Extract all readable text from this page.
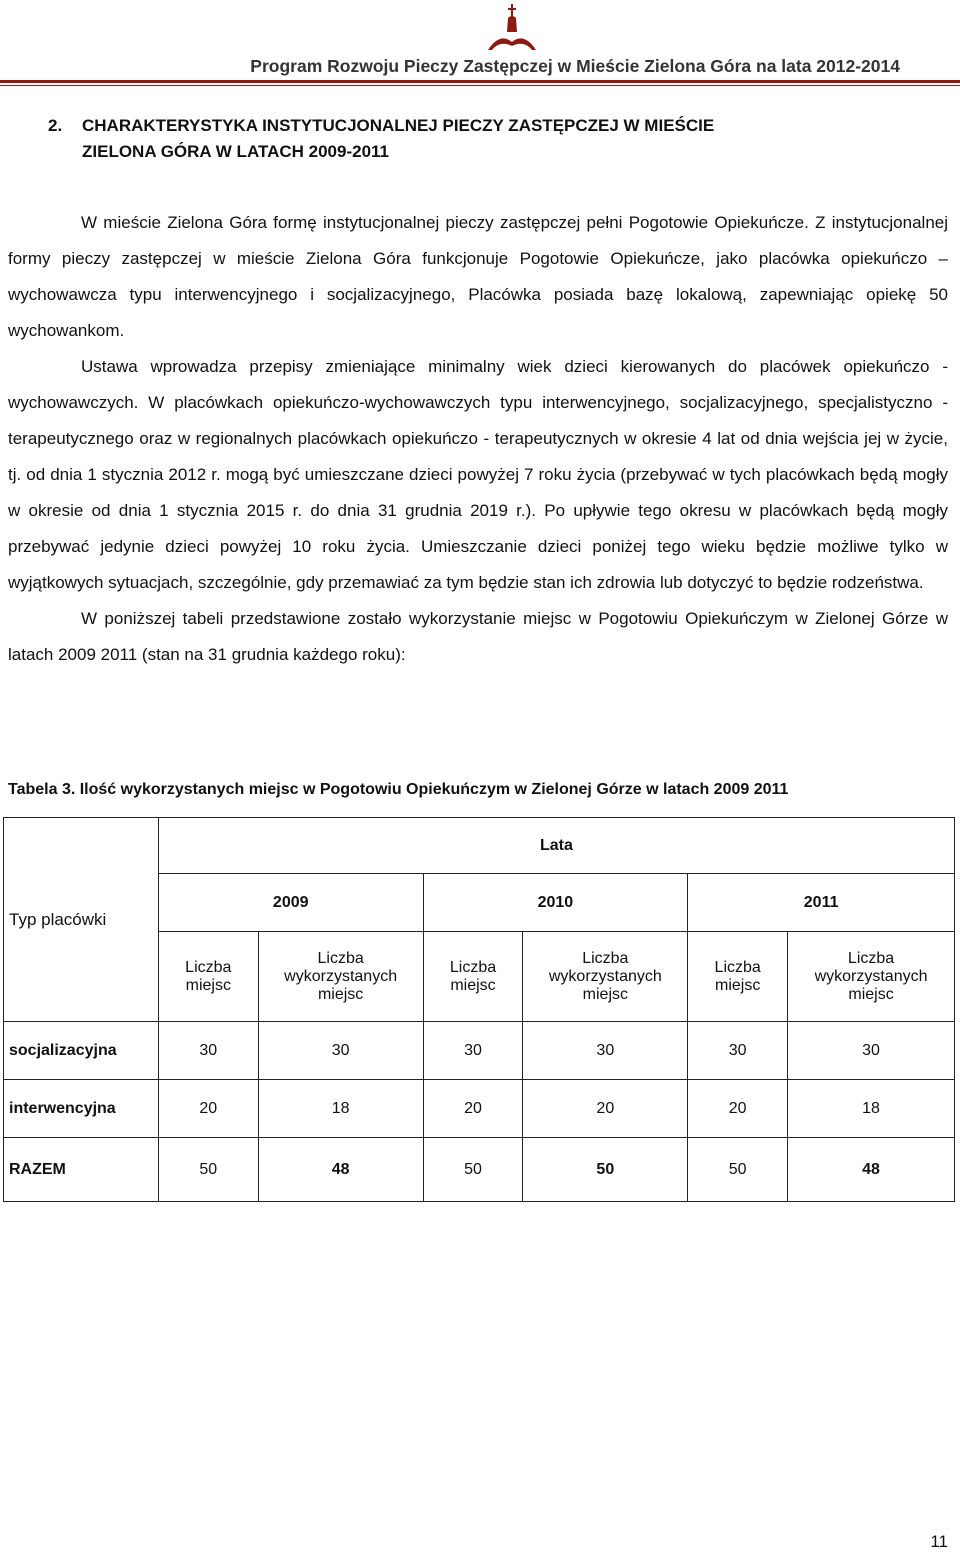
Program Rozwoju Pieczy Zastępczej w Mieście Zielona Góra na lata 2012-2014
2. CHARAKTERYSTYKA INSTYTUCJONALNEJ PIECZY ZASTĘPCZEJ W MIEŚCIE
ZIELONA GÓRA W LATACH 2009-2011

W mieście Zielona Góra formę instytucjonalnej pieczy zastępczej pełni Pogotowie Opiekuńcze. Z instytucjonalnej formy pieczy zastępczej w mieście Zielona Góra funkcjonuje Pogotowie Opiekuńcze, jako placówka opiekuńczo – wychowawcza typu interwencyjnego i socjalizacyjnego, Placówka posiada bazę lokalową, zapewniając opiekę 50 wychowankom.

Ustawa wprowadza przepisy zmieniające minimalny wiek dzieci kierowanych do placówek opiekuńczo - wychowawczych. W placówkach opiekuńczo-wychowawczych typu interwencyjnego, socjalizacyjnego, specjalistyczno - terapeutycznego oraz w regionalnych placówkach opiekuńczo - terapeutycznych w okresie 4 lat od dnia wejścia jej w życie, tj. od dnia 1 stycznia 2012 r. mogą być umieszczane dzieci powyżej 7 roku życia (przebywać w tych placówkach będą mogły w okresie od dnia 1 stycznia 2015 r. do dnia 31 grudnia 2019 r.). Po upływie tego okresu w placówkach będą mogły przebywać jedynie dzieci powyżej 10 roku życia. Umieszczanie dzieci poniżej tego wieku będzie możliwe tylko w wyjątkowych sytuacjach, szczególnie, gdy przemawiać za tym będzie stan ich zdrowia lub dotyczyć to będzie rodzeństwa.

W poniższej tabeli przedstawione zostało wykorzystanie miejsc w Pogotowiu Opiekuńczym w Zielonej Górze w latach 2009 2011 (stan na 31 grudnia każdego roku):

Tabela 3. Ilość wykorzystanych miejsc w Pogotowiu Opiekuńczym w Zielonej Górze w latach 2009 2011
Typ placówki	Lata					
	2009		2010		2011	
	Liczba miejsc	Liczba wykorzystanych miejsc	Liczba miejsc	Liczba wykorzystanych miejsc	Liczba miejsc	Liczba wykorzystanych miejsc
socjalizacyjna	30	30	30	30	30	30
interwencyjna	20	18	20	20	20	18
RAZEM	50	48	50	50	50	48
11
